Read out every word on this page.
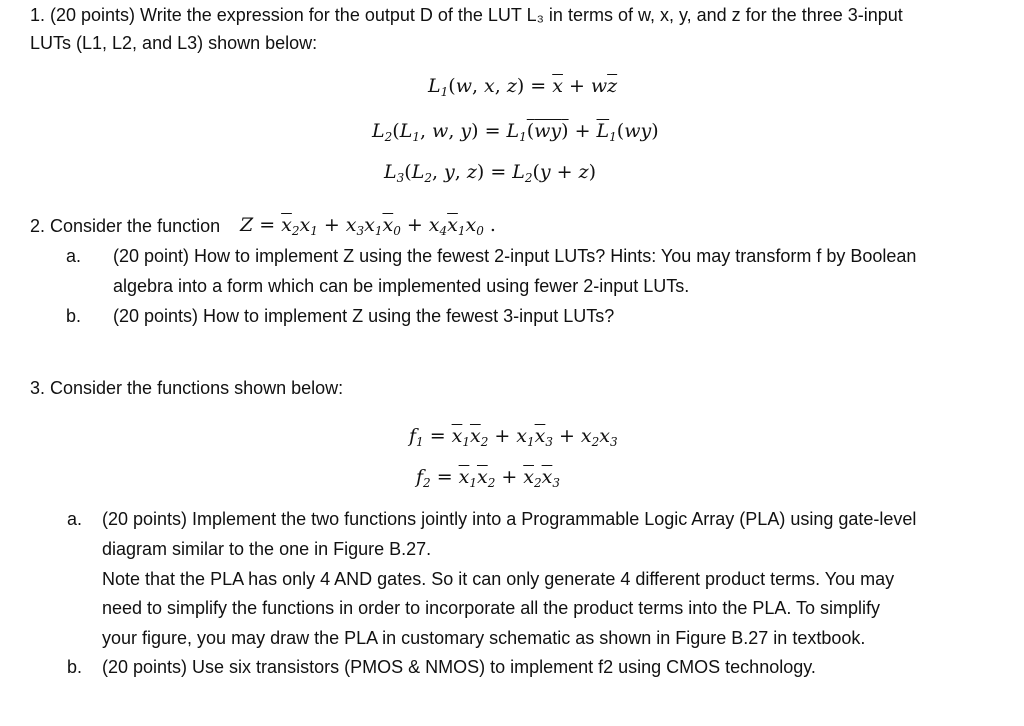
1. (20 points) Write the expression for the output D of the LUT L₃ in terms of w, x, y, and z for the three 3-input
LUTs (L1, L2, and L3) shown below:
$L_1(w$, x, $z) = \overline{x} + w\overline{z}$
$L_2(L_1$, w, $y) = L_1(wy) + \overline{L}_1(wy)$
$L_3(L_2$, y, $z) = L_2(y + z)$
2. Consider the function $Z = \overline{x}_2x_1 + x_3x_1\overline{x}_0 + x_4\overline{x}_1x_0$ .
a. (20 point) How to implement Z using the fewest 2-input LUTs? Hints: You may transform f by Boolean
algebra into a form which can be implemented using fewer 2-input LUTs.
b. (20 points) How to implement Z using the fewest 3-input LUTs?
3. Consider the functions shown below:
$f_1 = \overline{x}_1\overline{x}_2 + x_1\overline{x}_3 + x_2x_3$
$f_2 = \overline{x}_1\overline{x}_2 + \overline{x}_2\overline{x}_3$
a. (20 points) Implement the two functions jointly into a Programmable Logic Array (PLA) using gate-level
diagram similar to the one in Figure B.27.
Note that the PLA has only 4 AND gates. So it can only generate 4 different product terms. You may
need to simplify the functions in order to incorporate all the product terms into the PLA. To simplify
your figure, you may draw the PLA in customary schematic as shown in Figure B.27 in textbook.
b. (20 points) Use six transistors (PMOS & NMOS) to implement f2 using CMOS technology.
